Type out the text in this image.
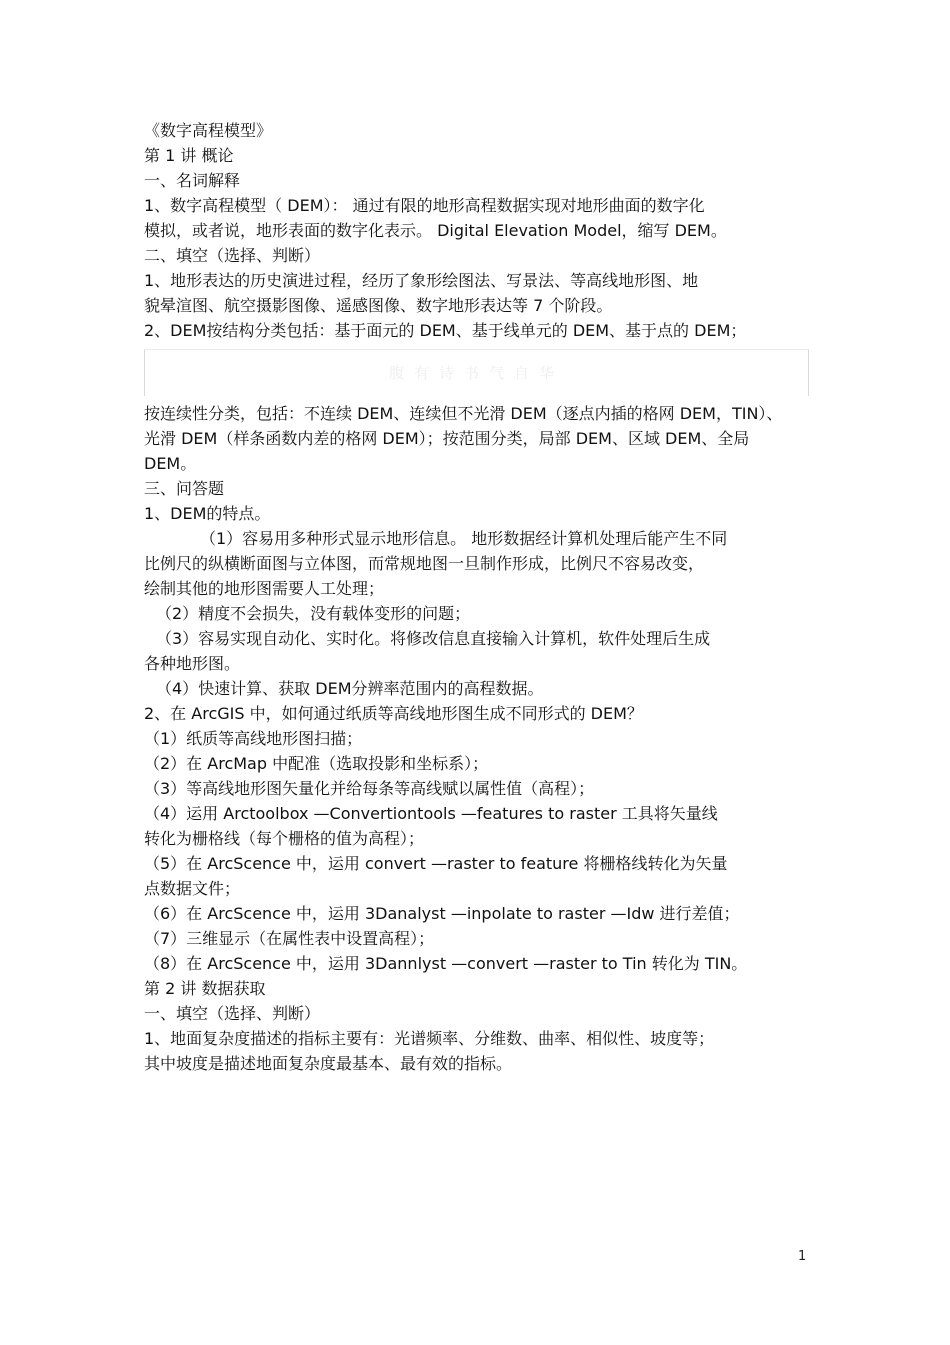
《数字高程模型》
第 1 讲 概论
一、名词解释
1、数字高程模型（ DEM）： 通过有限的地形高程数据实现对地形曲面的数字化
模拟，或者说，地形表面的数字化表示。 Digital Elevation Model，缩写 DEM。
二、填空（选择、判断）
1、地形表达的历史演进过程，经历了象形绘图法、写景法、等高线地形图、地
貌晕渲图、航空摄影图像、遥感图像、数字地形表达等 7 个阶段。
2、DEM按结构分类包括：基于面元的 DEM、基于线单元的 DEM、基于点的 DEM；
腹有诗书气自华
按连续性分类，包括：不连续 DEM、连续但不光滑 DEM（逐点内插的格网 DEM，TIN）、
光滑 DEM（样条函数内差的格网 DEM）；按范围分类，局部 DEM、区域 DEM、全局
DEM。
三、问答题
1、DEM的特点。
（1）容易用多种形式显示地形信息。 地形数据经计算机处理后能产生不同
比例尺的纵横断面图与立体图，而常规地图一旦制作形成，比例尺不容易改变，
绘制其他的地形图需要人工处理；
（2）精度不会损失，没有载体变形的问题；
（3）容易实现自动化、实时化。将修改信息直接输入计算机，软件处理后生成
各种地形图。
（4）快速计算、获取 DEM分辨率范围内的高程数据。
2、在 ArcGIS 中，如何通过纸质等高线地形图生成不同形式的 DEM？
（1）纸质等高线地形图扫描；
（2）在 ArcMap 中配准（选取投影和坐标系）；
（3）等高线地形图矢量化并给每条等高线赋以属性值（高程）；
（4）运用 Arctoolbox —Convertiontools —features to raster 工具将矢量线
转化为栅格线（每个栅格的值为高程）；
（5）在 ArcScence 中，运用 convert —raster to feature 将栅格线转化为矢量
点数据文件；
（6）在 ArcScence 中，运用 3Danalyst —inpolate to raster —Idw 进行差值；
（7）三维显示（在属性表中设置高程）；
（8）在 ArcScence 中，运用 3Dannlyst —convert —raster to Tin 转化为 TIN。
第 2 讲 数据获取
一、填空（选择、判断）
1、地面复杂度描述的指标主要有：光谱频率、分维数、曲率、相似性、坡度等；
其中坡度是描述地面复杂度最基本、最有效的指标。
1
